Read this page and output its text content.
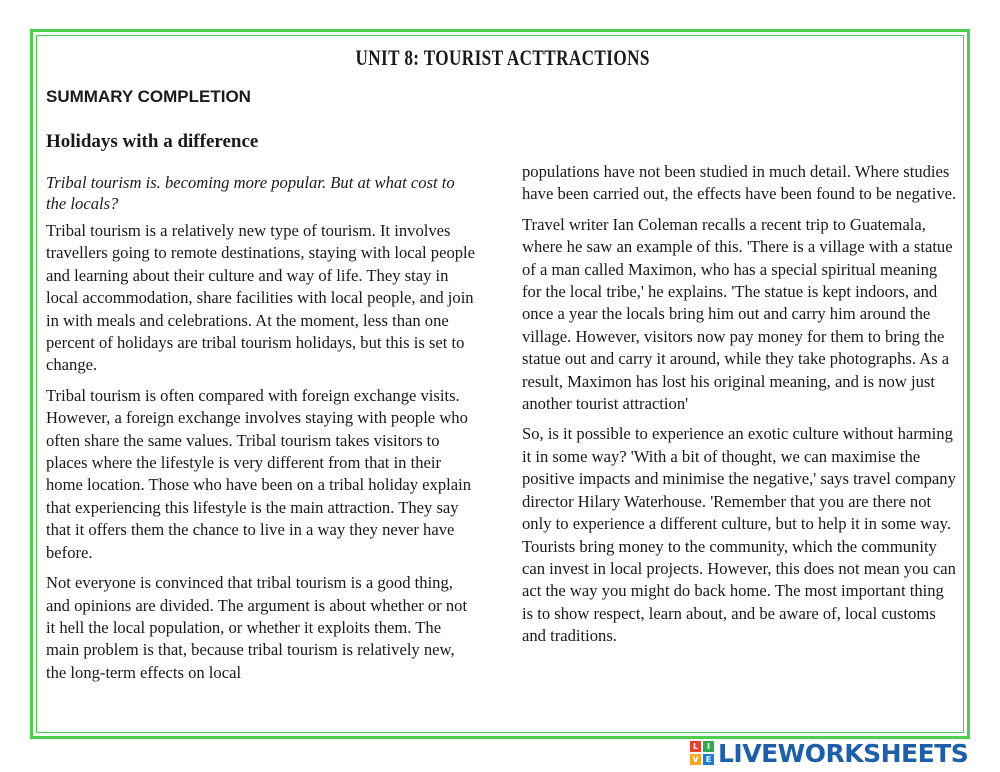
UNIT 8: TOURIST ACTTRACTIONS
SUMMARY COMPLETION
Holidays with a difference

Tribal tourism is. becoming more popular. But at what cost to the locals?

Tribal tourism is a relatively new type of tourism. It involves travellers going to remote destinations, staying with local people and learning about their culture and way of life. They stay in local accommodation, share facilities with local people, and join in with meals and celebrations. At the moment, less than one percent of holidays are tribal tourism holidays, but this is set to change.

Tribal tourism is often compared with foreign exchange visits. However, a foreign exchange involves staying with people who often share the same values. Tribal tourism takes visitors to places where the lifestyle is very different from that in their home location. Those who have been on a tribal holiday explain that experiencing this lifestyle is the main attraction. They say that it offers them the chance to live in a way they never have before.

Not everyone is convinced that tribal tourism is a good thing, and opinions are divided. The argument is about whether or not it hell the local population, or whether it exploits them. The main problem is that, because tribal tourism is relatively new, the long-term effects on local

populations have not been studied in much detail. Where studies have been carried out, the effects have been found to be negative.

Travel writer Ian Coleman recalls a recent trip to Guatemala, where he saw an example of this. 'There is a village with a statue of a man called Maximon, who has a special spiritual meaning for the local tribe,' he explains. 'The statue is kept indoors, and once a year the locals bring him out and carry him around the village. However, visitors now pay money for them to bring the statue out and carry it around, while they take photographs. As a result, Maximon has lost his original meaning, and is now just another tourist attraction'

So, is it possible to experience an exotic culture without harming it in some way? 'With a bit of thought, we can maximise the positive impacts and minimise the negative,' says travel company director Hilary Waterhouse. 'Remember that you are there not only to experience a different culture, but to help it in some way. Tourists bring money to the community, which the community can invest in local projects. However, this does not mean you can act the way you might do back home. The most important thing is to show respect, learn about, and be aware of, local customs and traditions.

L	I
V E LIVEWORKSHEETS
